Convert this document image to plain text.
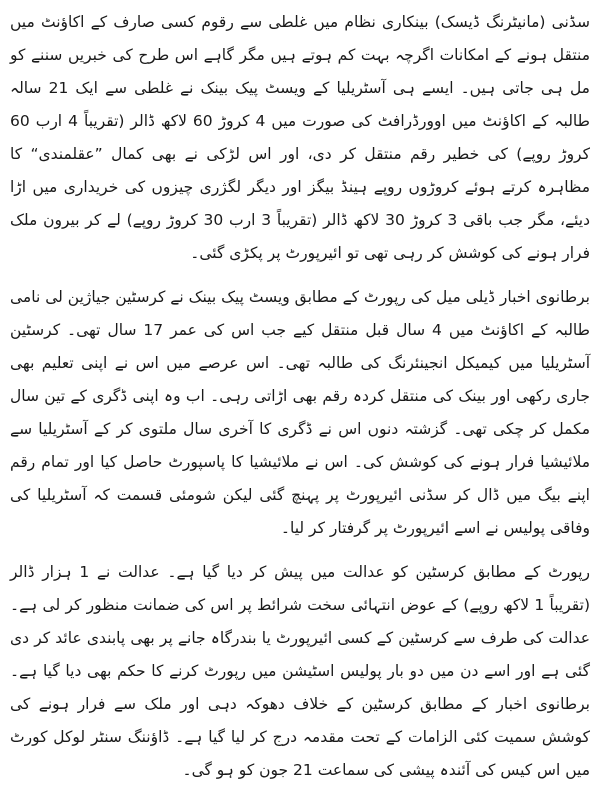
سڈنی (مانیٹرنگ ڈیسک) بینکاری نظام میں غلطی سے رقوم کسی صارف کے اکاؤنٹ میں منتقل ہونے کے امکانات اگرچہ بہت کم ہوتے ہیں مگر گاہے اس طرح کی خبریں سننے کو مل ہی جاتی ہیں۔ ایسے ہی آسٹریلیا کے ویسٹ پیک بینک نے غلطی سے ایک 21 سالہ طالبہ کے اکاؤنٹ میں اوورڈرافٹ کی صورت میں 4 کروڑ 60 لاکھ ڈالر (تقریباً 4 ارب 60 کروڑ روپے) کی خطیر رقم منتقل کر دی، اور اس لڑکی نے بھی کمال ”عقلمندی“ کا مظاہرہ کرتے ہوئے کروڑوں روپے ہینڈ بیگز اور دیگر لگژری چیزوں کی خریداری میں اڑا دیئے، مگر جب باقی 3 کروڑ 30 لاکھ ڈالر (تقریباً 3 ارب 30 کروڑ روپے) لے کر بیرون ملک فرار ہونے کی کوشش کر رہی تھی تو ائیرپورٹ پر پکڑی گئی۔

برطانوی اخبار ڈیلی میل کی رپورٹ کے مطابق ویسٹ پیک بینک نے کرسٹین جیاژین لی نامی طالبہ کے اکاؤنٹ میں 4 سال قبل منتقل کیے جب اس کی عمر 17 سال تھی۔ کرسٹین آسٹریلیا میں کیمیکل انجینئرنگ کی طالبہ تھی۔ اس عرصے میں اس نے اپنی تعلیم بھی جاری رکھی اور بینک کی منتقل کردہ رقم بھی اڑاتی رہی۔ اب وہ اپنی ڈگری کے تین سال مکمل کر چکی تھی۔ گزشتہ دنوں اس نے ڈگری کا آخری سال ملتوی کر کے آسٹریلیا سے ملائیشیا فرار ہونے کی کوشش کی۔ اس نے ملائیشیا کا پاسپورٹ حاصل کیا اور تمام رقم اپنے بیگ میں ڈال کر سڈنی ائیرپورٹ پر پہنچ گئی لیکن شومئی قسمت کہ آسٹریلیا کی وفاقی پولیس نے اسے ائیرپورٹ پر گرفتار کر لیا۔

رپورٹ کے مطابق کرسٹین کو عدالت میں پیش کر دیا گیا ہے۔ عدالت نے 1 ہزار ڈالر (تقریباً 1 لاکھ روپے) کے عوض انتہائی سخت شرائط پر اس کی ضمانت منظور کر لی ہے۔ عدالت کی طرف سے کرسٹین کے کسی ائیرپورٹ یا بندرگاہ جانے پر بھی پابندی عائد کر دی گئی ہے اور اسے دن میں دو بار پولیس اسٹیشن میں رپورٹ کرنے کا حکم بھی دیا گیا ہے۔ برطانوی اخبار کے مطابق کرسٹین کے خلاف دھوکہ دہی اور ملک سے فرار ہونے کی کوشش سمیت کئی الزامات کے تحت مقدمہ درج کر لیا گیا ہے۔ ڈاؤننگ سنٹر لوکل کورٹ میں اس کیس کی آئندہ پیشی کی سماعت 21 جون کو ہو گی۔
